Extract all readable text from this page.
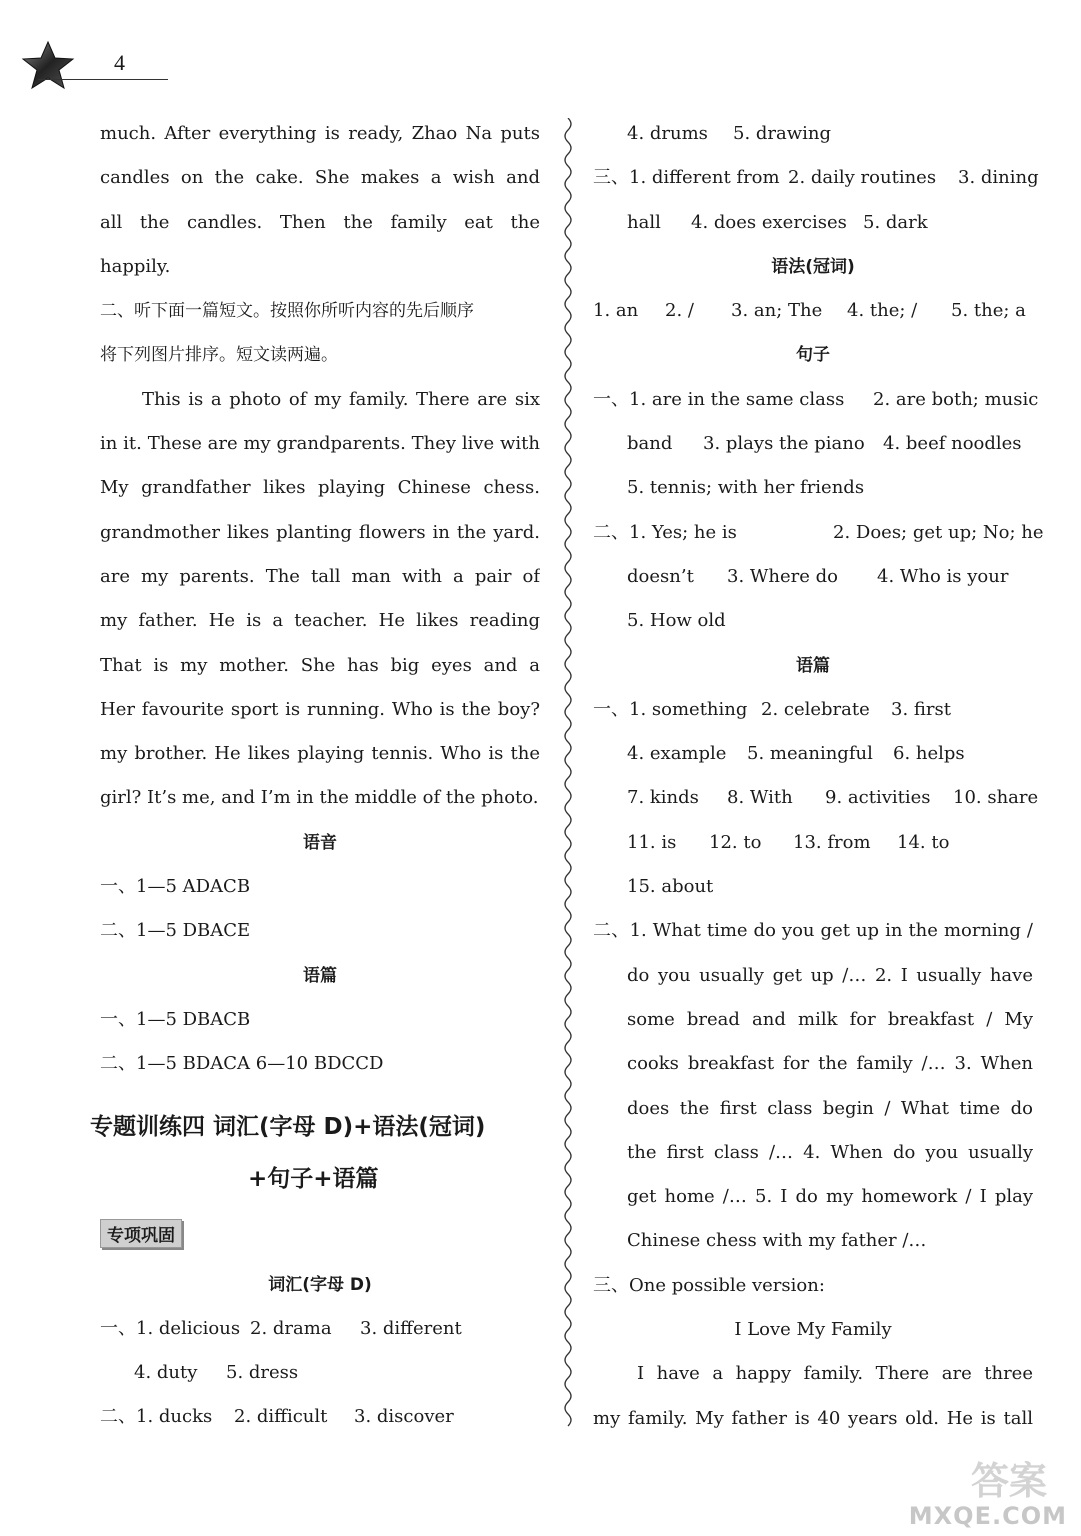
4
much. After everything is ready, Zhao Na puts
candles on the cake. She makes a wish and
all the candles. Then the family eat the
happily.
二、听下面一篇短文。按照你所听内容的先后顺序
将下列图片排序。短文读两遍。
This is a photo of my family. There are six
in it. These are my grandparents. They live with
My grandfather likes playing Chinese chess.
grandmother likes planting flowers in the yard.
are my parents. The tall man with a pair of
my father. He is a teacher. He likes reading
That is my mother. She has big eyes and a
Her favourite sport is running. Who is the boy?
my brother. He likes playing tennis. Who is the
girl? It’s me, and I’m in the middle of the photo.
语音
一、1—5 ADACB
二、1—5 DBACE
语篇
一、1—5 DBACB
二、1—5 BDACA 6—10 BDCCD
专题训练四 词汇(字母 D)+语法(冠词)
+句子+语篇
专项巩固
词汇(字母 D)
一、1. delicious 2. drama 3. different
4. duty 5. dress
二、1. ducks 2. difficult 3. discover
4. drums 5. drawing
三、1. different from 2. daily routines 3. dining
hall 4. does exercises 5. dark
语法(冠词)
1. an 2. ∕ 3. an; The 4. the; ∕ 5. the; a
句子
一、1. are in the same class 2. are both; music
band 3. plays the piano 4. beef noodles
5. tennis; with her friends
二、1. Yes; he is	2. Does; get up; No; he
doesn’t 3. Where do 4. Who is your
5. How old
语篇
一、1. something 2. celebrate 3. first
4. example 5. meaningful 6. helps
7. kinds 8. With 9. activities 10. share
11. is 12. to 13. from 14. to
15. about
二、1. What time do you get up in the morning ∕
do you usually get up ∕… 2. I usually have
some bread and milk for breakfast ∕ My
cooks breakfast for the family ∕… 3. When
does the first class begin ∕ What time do
the first class ∕… 4. When do you usually
get home ∕… 5. I do my homework ∕ I play
Chinese chess with my father ∕…
三、One possible version:
I Love My Family
I have a happy family. There are three
my family. My father is 40 years old. He is tall
答案
MXQE.COM
